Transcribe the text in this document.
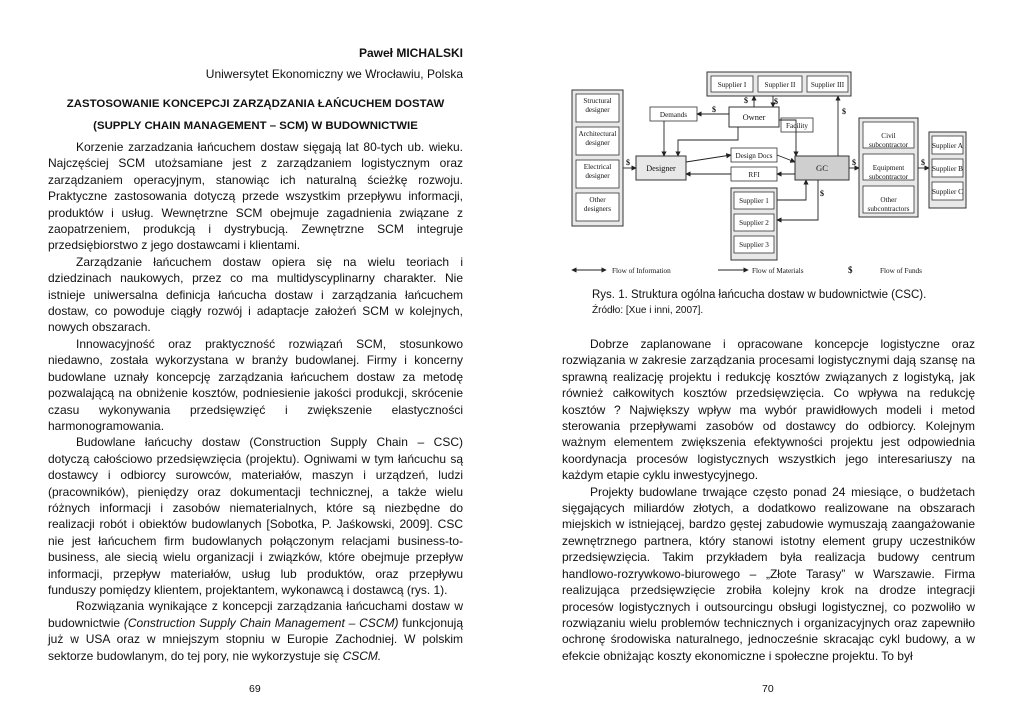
Paweł MICHALSKI
Uniwersytet Ekonomiczny we Wrocławiu, Polska
ZASTOSOWANIE KONCEPCJI ZARZĄDZANIA ŁAŃCUCHEM DOSTAW
(SUPPLY CHAIN MANAGEMENT – SCM) W BUDOWNICTWIE

Korzenie zarzadzania łańcuchem dostaw sięgają lat 80-tych ub. wieku. Najczęściej SCM utożsamiane jest z zarządzaniem logistycznym oraz zarządzaniem operacyjnym, stanowiąc ich naturalną ścieżkę rozwoju. Praktyczne zastosowania dotyczą przede wszystkim przepływu informacji, produktów i usług. Wewnętrzne SCM obejmuje zagadnienia związane z zaopatrzeniem, produkcją i dystrybucją. Zewnętrzne SCM integruje przedsiębiorstwo z jego dostawcami i klientami.

Zarządzanie łańcuchem dostaw opiera się na wielu teoriach i dziedzinach naukowych, przez co ma multidyscyplinarny charakter. Nie istnieje uniwersalna definicja łańcucha dostaw i zarządzania łańcuchem dostaw, co powoduje ciągły rozwój i adaptacje założeń SCM w kolejnych, nowych obszarach.

Innowacyjność oraz praktyczność rozwiązań SCM, stosunkowo niedawno, została wykorzystana w branży budowlanej. Firmy i koncerny budowlane uznały koncepcję zarządzania łańcuchem dostaw za metodę pozwalającą na obniżenie kosztów, podniesienie jakości produkcji, skrócenie czasu wykonywania przedsięwzięć i zwiększenie elastyczności harmonogramowania.

Budowlane łańcuchy dostaw (Construction Supply Chain – CSC) dotyczą całościowo przedsięwzięcia (projektu). Ogniwami w tym łańcuchu są dostawcy i odbiorcy surowców, materiałów, maszyn i urządzeń, ludzi (pracowników), pieniędzy oraz dokumentacji technicznej, a także wielu różnych informacji i zasobów niematerialnych, które są niezbędne do realizacji robót i obiektów budowlanych [Sobotka, P. Jaśkowski, 2009]. CSC nie jest łańcuchem firm budowlanych połączonym relacjami business-to-business, ale siecią wielu organizacji i związków, które obejmuje przepływ informacji, przepływ materiałów, usług lub produktów, oraz przepływu funduszy pomiędzy klientem, projektantem, wykonawcą i dostawcą (rys. 1).

Rozwiązania wynikające z koncepcji zarządzania łańcuchami dostaw w budownictwie (Construction Supply Chain Management – CSCM) funkcjonują już w USA oraz w mniejszym stopniu w Europie Zachodniej. W polskim sektorze budowlanym, do tej pory, nie wykorzystuje się CSCM.

69
Structural designer
Architectural designer
Electrical designer
Other designers
Supplier I	Supplier II Supplier III
Owner
Demands
Facility
Designer
Design Docs
RFI
GC
Civil subcontractor
Equipment subcontractor
Other subcontractors
Supplier A
Supplier B
Supplier C
Supplier 1
Supplier 2
Supplier 3
Flow of Information	Flow of Materials	$	Flow of Funds
$	$
$	$
$	$
$
$
Rys. 1. Struktura ogólna łańcucha dostaw w budownictwie (CSC).
Źródło: [Xue i inni, 2007].

Dobrze zaplanowane i opracowane koncepcje logistyczne oraz rozwiązania w zakresie zarządzania procesami logistycznymi dają szansę na sprawną realizację projektu i redukcję kosztów związanych z logistyką, jak również całkowitych kosztów przedsięwzięcia. Co wpływa na redukcję kosztów ? Największy wpływ ma wybór prawidłowych modeli i metod sterowania przepływami zasobów od dostawcy do odbiorcy. Kolejnym ważnym elementem zwiększenia efektywności projektu jest odpowiednia koordynacja procesów logistycznych wszystkich jego interesariuszy na każdym etapie cyklu inwestycyjnego.

Projekty budowlane trwające często ponad 24 miesiące, o budżetach sięgających miliardów złotych, a dodatkowo realizowane na obszarach miejskich w istniejącej, bardzo gęstej zabudowie wymuszają zaangażowanie zewnętrznego partnera, który stanowi istotny element grupy uczestników przedsięwzięcia. Takim przykładem była realizacja budowy centrum handlowo-rozrywkowo-biurowego – „Złote Tarasy” w Warszawie. Firma realizująca przedsięwzięcie zrobiła kolejny krok na drodze integracji procesów logistycznych i outsourcingu obsługi logistycznej, co pozwoliło w rozwiązaniu wielu problemów technicznych i organizacyjnych oraz zapewniło ochronę środowiska naturalnego, jednocześnie skracając cykl budowy, a w efekcie obniżając koszty ekonomiczne i społeczne projektu. To był

70
